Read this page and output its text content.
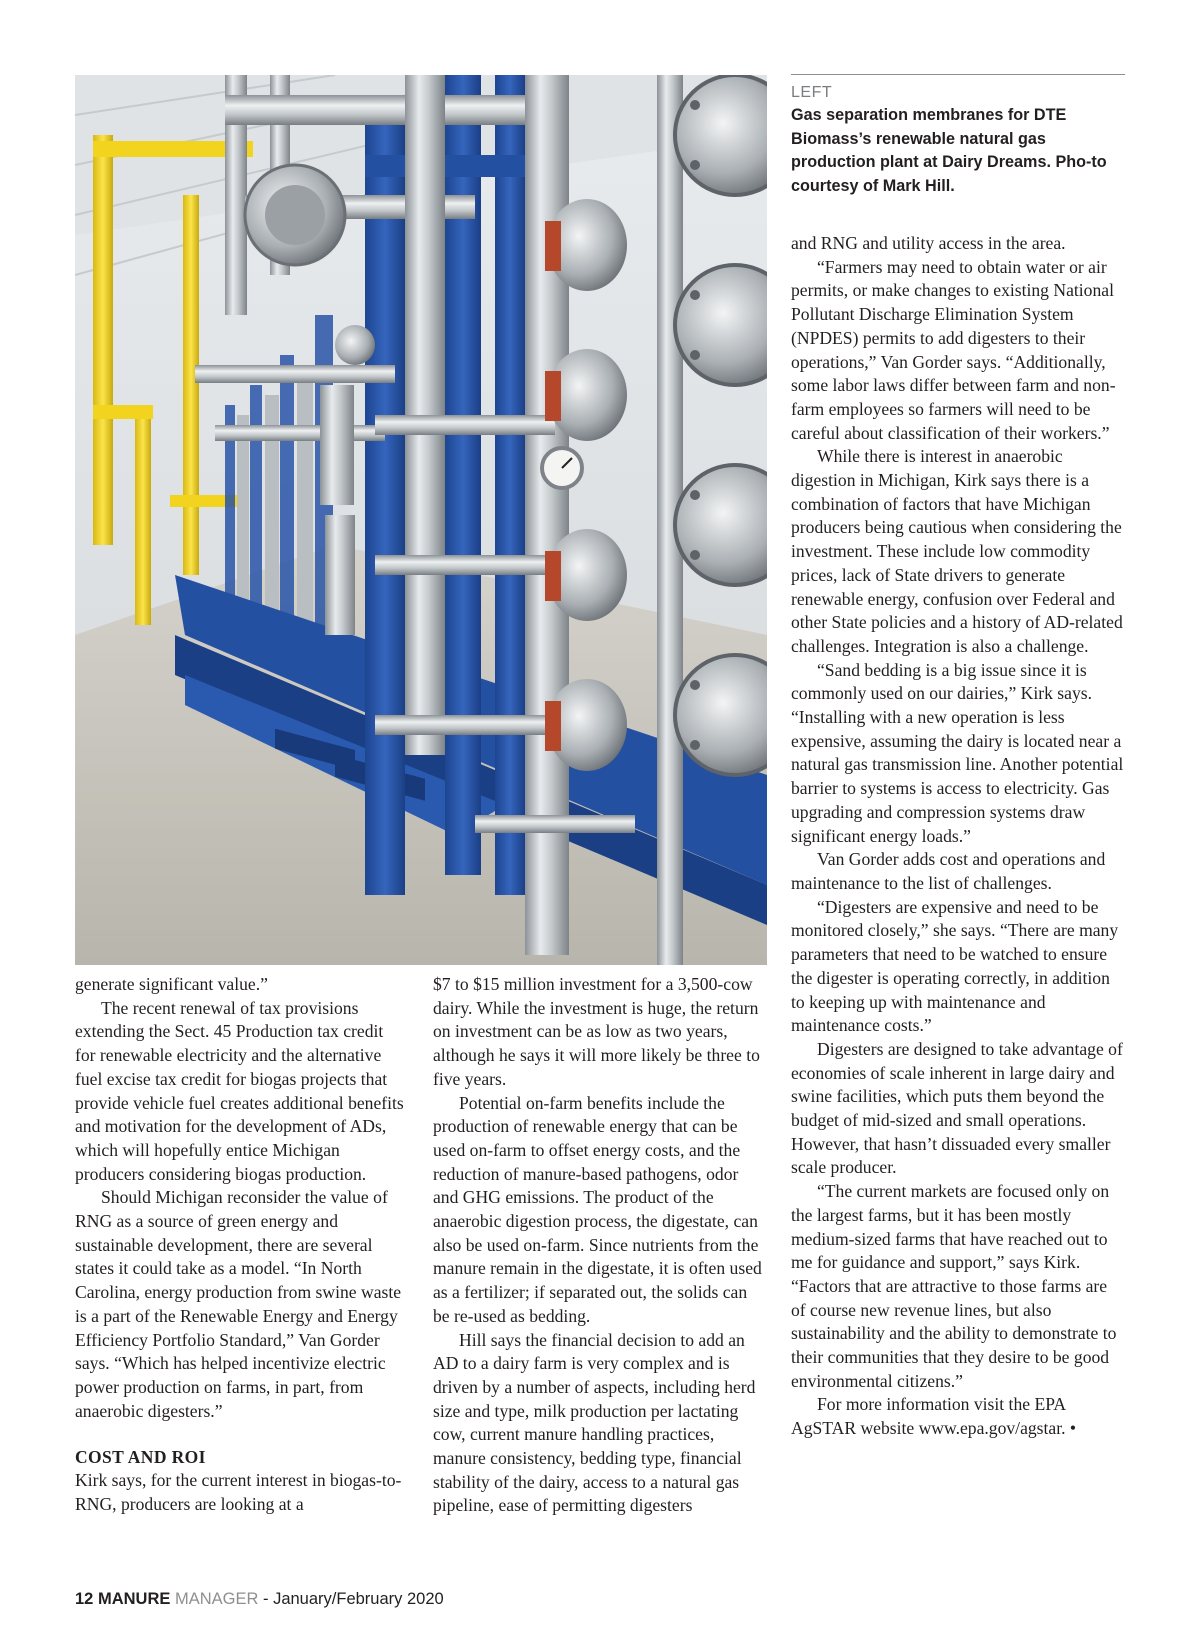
LEFT
Gas separation membranes for DTE Biomass’s renewable natural gas production plant at Dairy Dreams. Pho-to courtesy of Mark Hill.

generate significant value.”

The recent renewal of tax provisions extending the Sect. 45 Production tax credit for renewable electricity and the alternative fuel excise tax credit for biogas projects that provide vehicle fuel creates additional benefits and motivation for the development of ADs, which will hopefully entice Michigan producers considering biogas production.

Should Michigan reconsider the value of RNG as a source of green energy and sustainable development, there are several states it could take as a model. “In North Carolina, energy production from swine waste is a part of the Renewable Energy and Energy Efficiency Portfolio Standard,” Van Gorder says. “Which has helped incentivize electric power production on farms, in part, from anaerobic digesters.”

COST AND ROI

Kirk says, for the current interest in biogas-to-RNG, producers are looking at a

$7 to $15 million investment for a 3,500-cow dairy. While the investment is huge, the return on investment can be as low as two years, although he says it will more likely be three to five years.

Potential on-farm benefits include the production of renewable energy that can be used on-farm to offset energy costs, and the reduction of manure-based pathogens, odor and GHG emissions. The product of the anaerobic digestion process, the digestate, can also be used on-farm. Since nutrients from the manure remain in the digestate, it is often used as a fertilizer; if separated out, the solids can be re-used as bedding.

Hill says the financial decision to add an AD to a dairy farm is very complex and is driven by a number of aspects, including herd size and type, milk production per lactating cow, current manure handling practices, manure consistency, bedding type, financial stability of the dairy, access to a natural gas pipeline, ease of permitting digesters

and RNG and utility access in the area.

“Farmers may need to obtain water or air permits, or make changes to existing National Pollutant Discharge Elimination System (NPDES) permits to add digesters to their operations,” Van Gorder says. “Additionally, some labor laws differ between farm and non-farm employees so farmers will need to be careful about classification of their workers.”

While there is interest in anaerobic digestion in Michigan, Kirk says there is a combination of factors that have Michigan producers being cautious when considering the investment. These include low commodity prices, lack of State drivers to generate renewable energy, confusion over Federal and other State policies and a history of AD-related challenges. Integration is also a challenge.

“Sand bedding is a big issue since it is commonly used on our dairies,” Kirk says. “Installing with a new operation is less expensive, assuming the dairy is located near a natural gas transmission line. Another potential barrier to systems is access to electricity. Gas upgrading and compression systems draw significant energy loads.”

Van Gorder adds cost and operations and maintenance to the list of challenges.

“Digesters are expensive and need to be monitored closely,” she says. “There are many parameters that need to be watched to ensure the digester is operating correctly, in addition to keeping up with maintenance and maintenance costs.”

Digesters are designed to take advantage of economies of scale inherent in large dairy and swine facilities, which puts them beyond the budget of mid-sized and small operations. However, that hasn’t dissuaded every smaller scale producer.

“The current markets are focused only on the largest farms, but it has been mostly medium-sized farms that have reached out to me for guidance and support,” says Kirk. “Factors that are attractive to those farms are of course new revenue lines, but also sustainability and the ability to demonstrate to their communities that they desire to be good environmental citizens.”

For more information visit the EPA AgSTAR website www.epa.gov/agstar. •

12 MANURE MANAGER - January/February 2020
